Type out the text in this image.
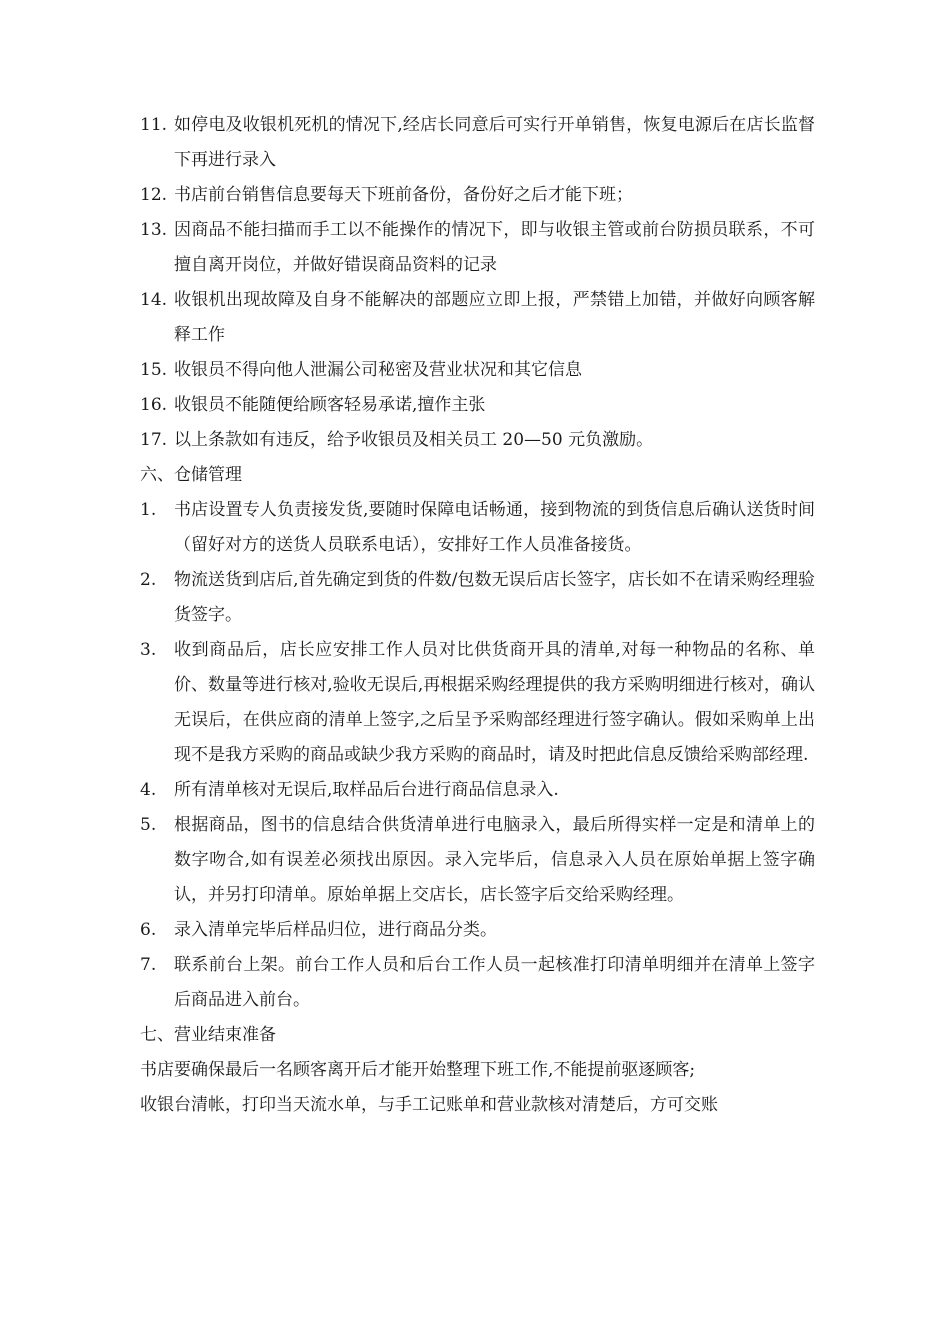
11. 如停电及收银机死机的情况下,经店长同意后可实行开单销售，恢复电源后在店长监督下再进行录入
12. 书店前台销售信息要每天下班前备份，备份好之后才能下班；
13. 因商品不能扫描而手工以不能操作的情况下，即与收银主管或前台防损员联系，不可擅自离开岗位，并做好错误商品资料的记录
14. 收银机出现故障及自身不能解决的部题应立即上报，严禁错上加错，并做好向顾客解释工作
15. 收银员不得向他人泄漏公司秘密及营业状况和其它信息
16. 收银员不能随便给顾客轻易承诺,擅作主张
17. 以上条款如有违反，给予收银员及相关员工 20—50 元负激励。
六、仓储管理
1.	书店设置专人负责接发货,要随时保障电话畅通，接到物流的到货信息后确认送货时间（留好对方的送货人员联系电话），安排好工作人员准备接货。
2.	物流送货到店后,首先确定到货的件数/包数无误后店长签字，店长如不在请采购经理验货签字。
3.	收到商品后，店长应安排工作人员对比供货商开具的清单,对每一种物品的名称、单价、数量等进行核对,验收无误后,再根据采购经理提供的我方采购明细进行核对，确认无误后，在供应商的清单上签字,之后呈予采购部经理进行签字确认。假如采购单上出现不是我方采购的商品或缺少我方采购的商品时，请及时把此信息反馈给采购部经理.
4.	所有清单核对无误后,取样品后台进行商品信息录入.
5.	根据商品，图书的信息结合供货清单进行电脑录入，最后所得实样一定是和清单上的数字吻合,如有误差必须找出原因。录入完毕后，信息录入人员在原始单据上签字确认，并另打印清单。原始单据上交店长，店长签字后交给采购经理。
6.	录入清单完毕后样品归位，进行商品分类。
7.	联系前台上架。前台工作人员和后台工作人员一起核准打印清单明细并在清单上签字后商品进入前台。
七、营业结束准备
书店要确保最后一名顾客离开后才能开始整理下班工作,不能提前驱逐顾客;
收银台清帐，打印当天流水单，与手工记账单和营业款核对清楚后，方可交账
